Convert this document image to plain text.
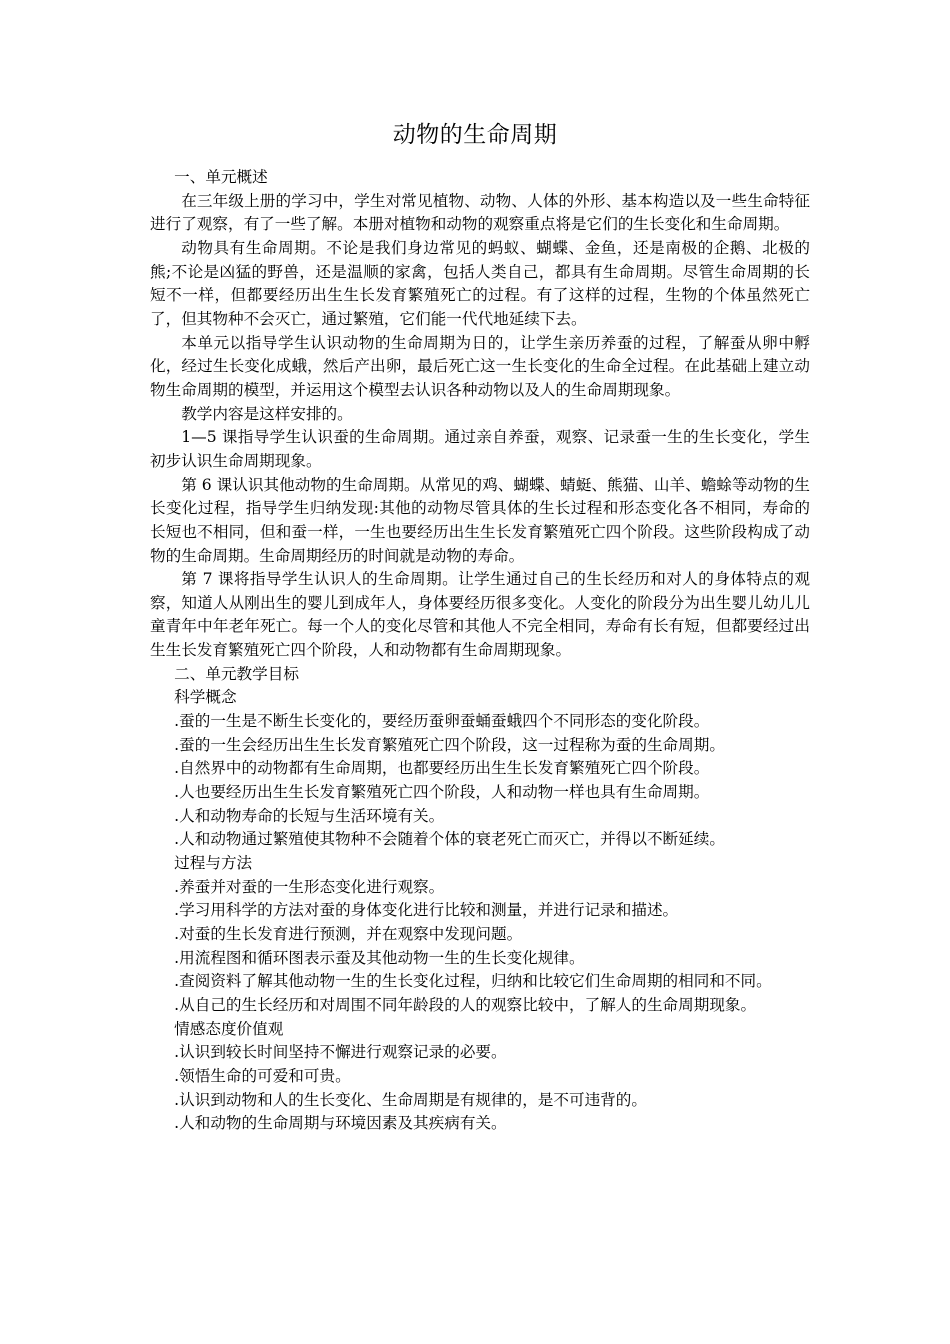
动物的生命周期

一、单元概述

在三年级上册的学习中，学生对常见植物、动物、人体的外形、基本构造以及一些生命特征进行了观察，有了一些了解。本册对植物和动物的观察重点将是它们的生长变化和生命周期。

动物具有生命周期。不论是我们身边常见的蚂蚁、蝴蝶、金鱼，还是南极的企鹅、北极的熊;不论是凶猛的野兽，还是温顺的家禽，包括人类自己，都具有生命周期。尽管生命周期的长短不一样，但都要经历出生生长发育繁殖死亡的过程。有了这样的过程，生物的个体虽然死亡了，但其物种不会灭亡，通过繁殖，它们能一代代地延续下去。

本单元以指导学生认识动物的生命周期为日的，让学生亲历养蚕的过程，了解蚕从卵中孵化，经过生长变化成蛾，然后产出卵，最后死亡这一生长变化的生命全过程。在此基础上建立动物生命周期的模型，并运用这个模型去认识各种动物以及人的生命周期现象。

教学内容是这样安排的。

1—5 课指导学生认识蚕的生命周期。通过亲自养蚕，观察、记录蚕一生的生长变化，学生初步认识生命周期现象。

第 6 课认识其他动物的生命周期。从常见的鸡、蝴蝶、蜻蜓、熊猫、山羊、蟾蜍等动物的生长变化过程，指导学生归纳发现:其他的动物尽管具体的生长过程和形态变化各不相同，寿命的长短也不相同，但和蚕一样，一生也要经历出生生长发育繁殖死亡四个阶段。这些阶段构成了动物的生命周期。生命周期经历的时间就是动物的寿命。

第 7 课将指导学生认识人的生命周期。让学生通过自己的生长经历和对人的身体特点的观察，知道人从刚出生的婴儿到成年人，身体要经历很多变化。人变化的阶段分为出生婴儿幼儿儿童青年中年老年死亡。每一个人的变化尽管和其他人不完全相同，寿命有长有短，但都要经过出生生长发育繁殖死亡四个阶段，人和动物都有生命周期现象。

二、单元教学目标

科学概念

.蚕的一生是不断生长变化的，要经历蚕卵蚕蛹蚕蛾四个不同形态的变化阶段。

.蚕的一生会经历出生生长发育繁殖死亡四个阶段，这一过程称为蚕的生命周期。

.自然界中的动物都有生命周期，也都要经历出生生长发育繁殖死亡四个阶段。

.人也要经历出生生长发育繁殖死亡四个阶段，人和动物一样也具有生命周期。

.人和动物寿命的长短与生活环境有关。

.人和动物通过繁殖使其物种不会随着个体的衰老死亡而灭亡，并得以不断延续。

过程与方法

.养蚕并对蚕的一生形态变化进行观察。

.学习用科学的方法对蚕的身体变化进行比较和测量，并进行记录和描述。

.对蚕的生长发育进行预测，并在观察中发现问题。

.用流程图和循环图表示蚕及其他动物一生的生长变化规律。

.查阅资料了解其他动物一生的生长变化过程，归纳和比较它们生命周期的相同和不同。

.从自己的生长经历和对周围不同年龄段的人的观察比较中，了解人的生命周期现象。

情感态度价值观

.认识到较长时间坚持不懈进行观察记录的必要。

.领悟生命的可爱和可贵。

.认识到动物和人的生长变化、生命周期是有规律的，是不可违背的。

.人和动物的生命周期与环境因素及其疾病有关。
